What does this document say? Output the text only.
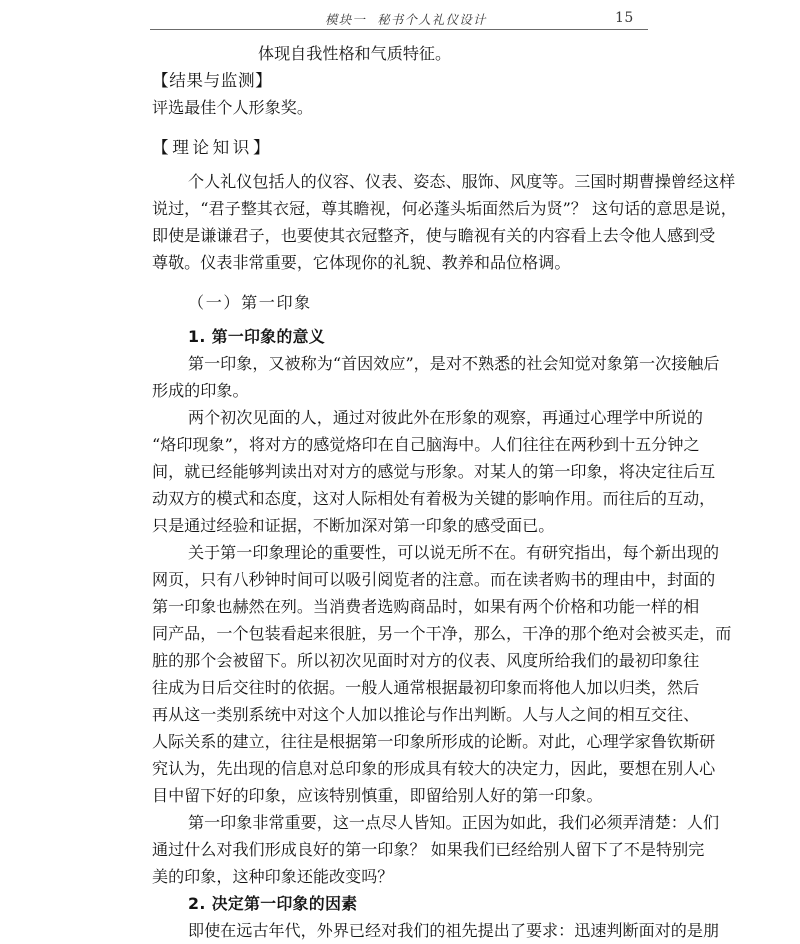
模块一 秘书个人礼仪设计	15
体现自我性格和气质特征。
【结果与监测】
评选最佳个人形象奖。
【理论知识】
个人礼仪包括人的仪容、仪表、姿态、服饰、风度等。三国时期曹操曾经这样
说过，“君子整其衣冠，尊其瞻视，何必蓬头垢面然后为贤”？ 这句话的意思是说，
即使是谦谦君子，也要使其衣冠整齐，使与瞻视有关的内容看上去令他人感到受
尊敬。仪表非常重要，它体现你的礼貌、教养和品位格调。
（一）第一印象
1. 第一印象的意义
第一印象，又被称为“首因效应”，是对不熟悉的社会知觉对象第一次接触后
形成的印象。
两个初次见面的人，通过对彼此外在形象的观察，再通过心理学中所说的
“烙印现象”，将对方的感觉烙印在自己脑海中。人们往往在两秒到十五分钟之
间，就已经能够判读出对对方的感觉与形象。对某人的第一印象，将决定往后互
动双方的模式和态度，这对人际相处有着极为关键的影响作用。而往后的互动，
只是通过经验和证据，不断加深对第一印象的感受面已。
关于第一印象理论的重要性，可以说无所不在。有研究指出，每个新出现的
网页，只有八秒钟时间可以吸引阅览者的注意。而在读者购书的理由中，封面的
第一印象也赫然在列。当消费者选购商品时，如果有两个价格和功能一样的相
同产品，一个包装看起来很脏，另一个干净，那么，干净的那个绝对会被买走，而
脏的那个会被留下。所以初次见面时对方的仪表、风度所给我们的最初印象往
往成为日后交往时的依据。一般人通常根据最初印象而将他人加以归类，然后
再从这一类别系统中对这个人加以推论与作出判断。人与人之间的相互交往、
人际关系的建立，往往是根据第一印象所形成的论断。对此，心理学家鲁钦斯研
究认为，先出现的信息对总印象的形成具有较大的决定力，因此，要想在别人心
目中留下好的印象，应该特别慎重，即留给别人好的第一印象。
第一印象非常重要，这一点尽人皆知。正因为如此，我们必须弄清楚：人们
通过什么对我们形成良好的第一印象？ 如果我们已经给别人留下了不是特别完
美的印象，这种印象还能改变吗？
2. 决定第一印象的因素
即使在远古年代，外界已经对我们的祖先提出了要求：迅速判断面对的是朋
